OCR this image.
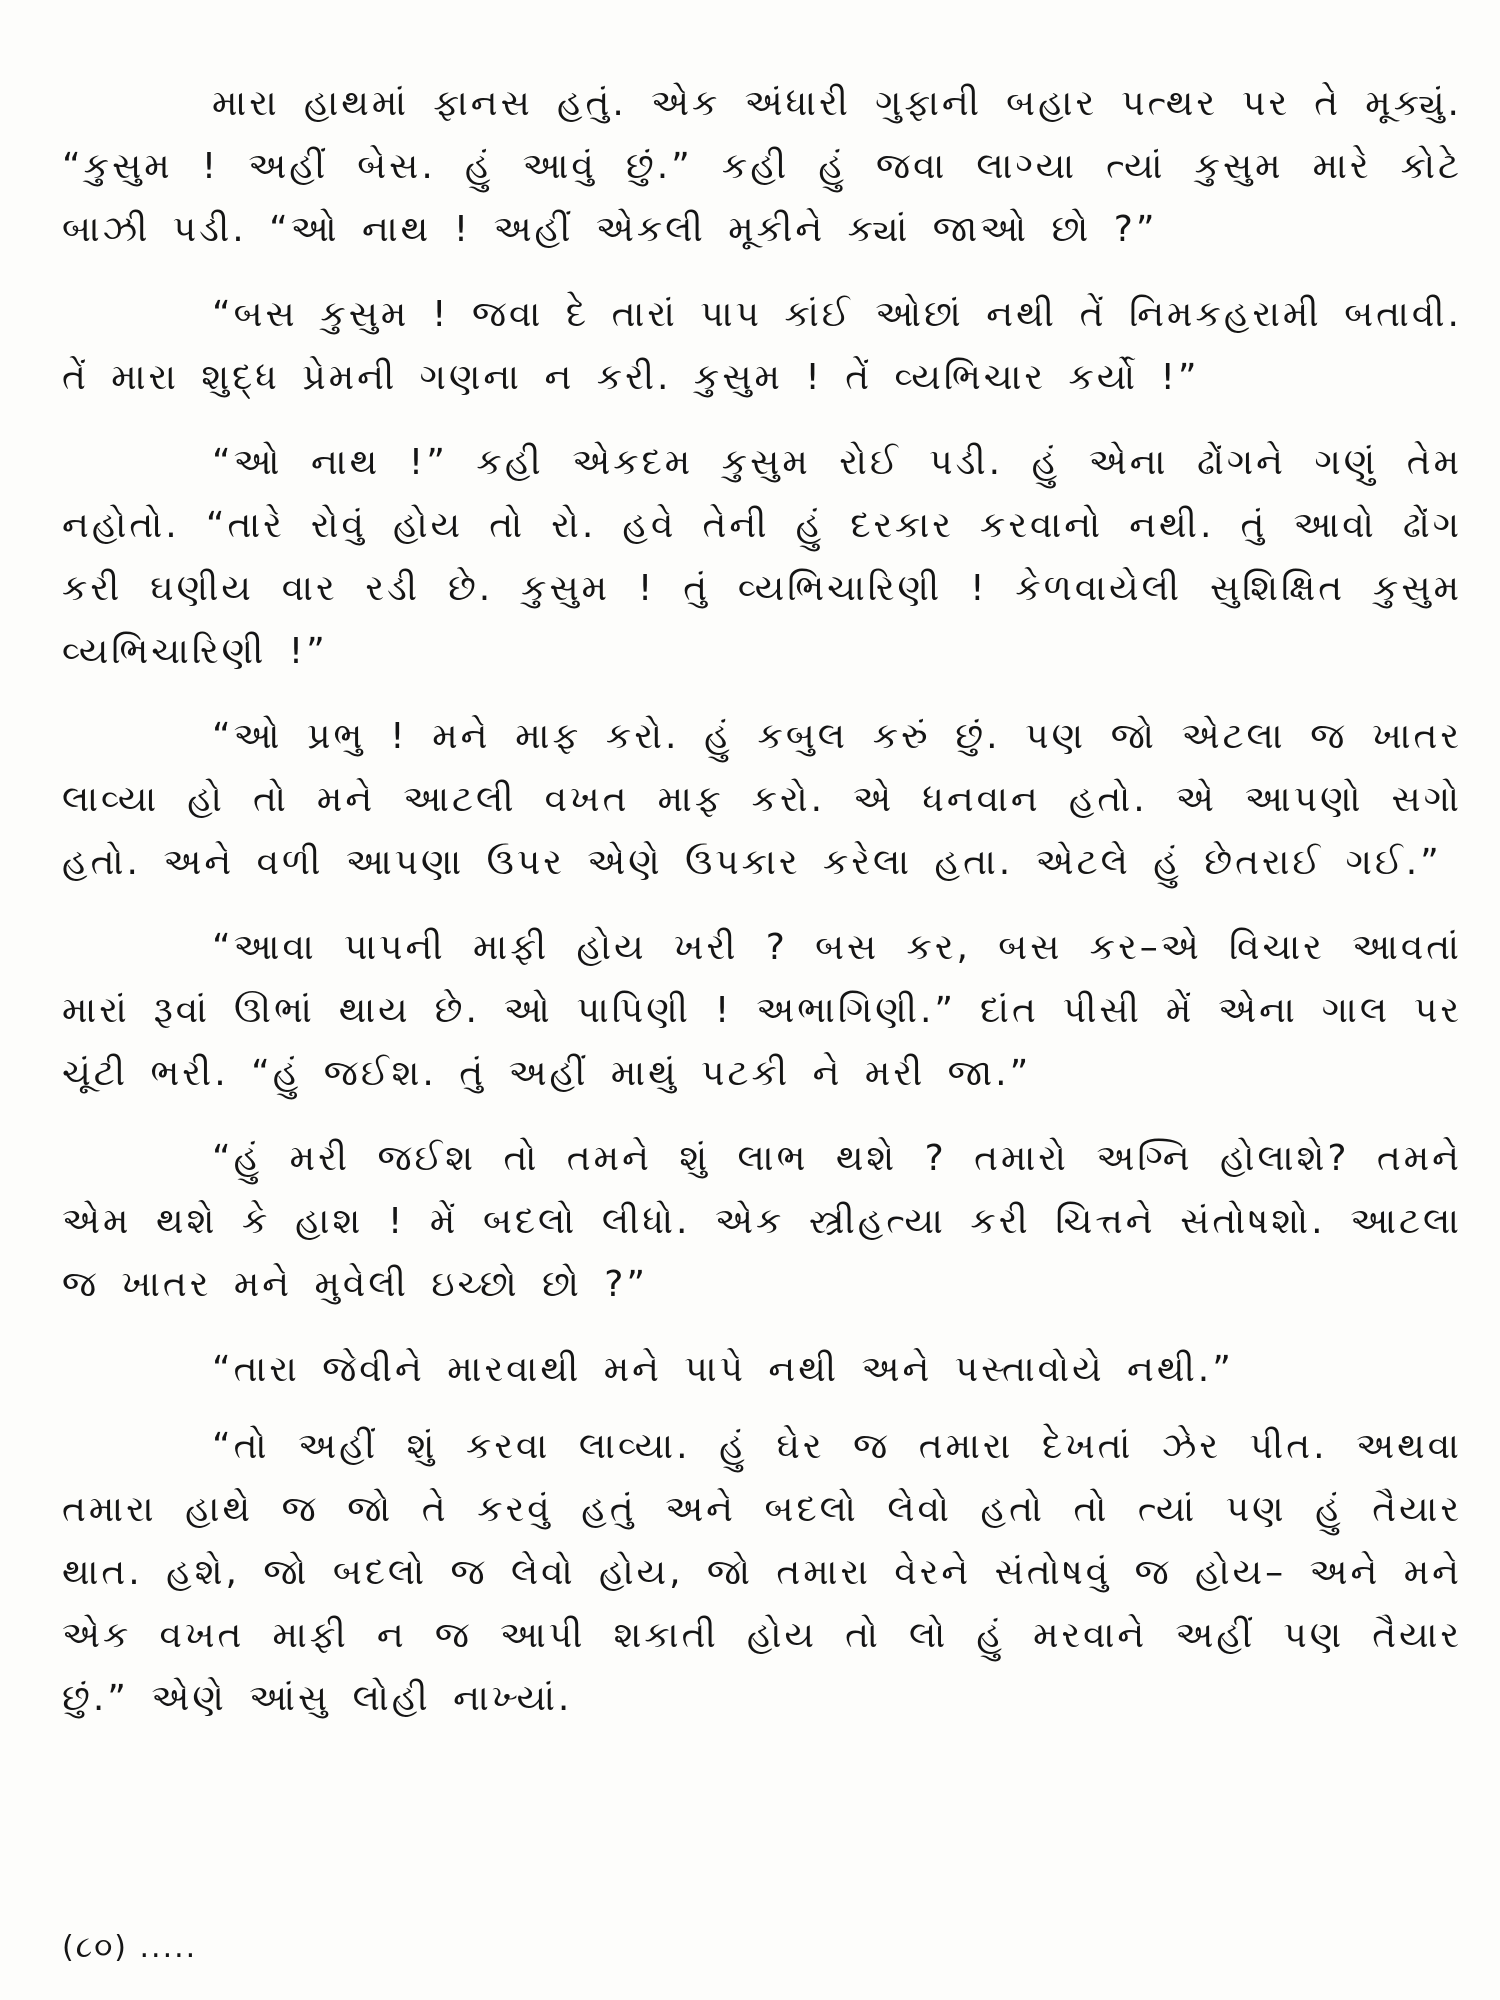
મારા હાથમાં ફાનસ હતું. એક અંધારી ગુફાની બહાર પત્થર પર તે મૂક્યું. “કુસુમ ! અહીં બેસ. હું આવું છું.” કહી હું જવા લાગ્યા ત્યાં કુસુમ મારે કોટે બાઝી પડી. “ઓ નાથ ! અહીં એકલી મૂકીને ક્યાં જાઓ છો ?”

“બસ કુસુમ ! જવા દે તારાં પાપ કાંઈ ઓછાં નથી તેં નિમકહરામી બતાવી. તેં મારા શુદ્ધ પ્રેમની ગણના ન કરી. કુસુમ ! તેં વ્યભિચાર કર્યો !”

“ઓ નાથ !” કહી એકદમ કુસુમ રોઈ પડી. હું એના ઢોંગને ગણું તેમ નહોતો. “તારે રોવું હોય તો રો. હવે તેની હું દરકાર કરવાનો નથી. તું આવો ઢોંગ કરી ઘણીય વાર રડી છે. કુસુમ ! તું વ્યભિચારિણી ! કેળવાયેલી સુશિક્ષિત કુસુમ વ્યભિચારિણી !”

“ઓ પ્રભુ ! મને માફ કરો. હું કબુલ કરું છું. પણ જો એટલા જ ખાતર લાવ્યા હો તો મને આટલી વખત માફ કરો. એ ધનવાન હતો. એ આપણો સગો હતો. અને વળી આપણા ઉપર એણે ઉપકાર કરેલા હતા. એટલે હું છેતરાઈ ગઈ.”

“આવા પાપની માફી હોય ખરી ? બસ કર, બસ કર–એ વિચાર આવતાં મારાં રૂવાં ઊભાં થાય છે. ઓ પાપિણી ! અભાગિણી.” દાંત પીસી મેં એના ગાલ પર ચૂંટી ભરી. “હું જઈશ. તું અહીં માથું પટકી ને મરી જા.”

“હું મરી જઈશ તો તમને શું લાભ થશે ? તમારો અગ્નિ હોલાશે? તમને એમ થશે કે હાશ ! મેં બદલો લીધો. એક સ્ત્રીહત્યા કરી ચિત્તને સંતોષશો. આટલા જ ખાતર મને મુવેલી ઇચ્છો છો ?”

“તારા જેવીને મારવાથી મને પાપે નથી અને પસ્તાવોયે નથી.”

“તો અહીં શું કરવા લાવ્યા. હું ઘેર જ તમારા દેખતાં ઝેર પીત. અથવા તમારા હાથે જ જો તે કરવું હતું અને બદલો લેવો હતો તો ત્યાં પણ હું તૈયાર થાત. હશે, જો બદલો જ લેવો હોય, જો તમારા વેરને સંતોષવું જ હોય– અને મને એક વખત માફી ન જ આપી શકાતી હોય તો લો હું મરવાને અહીં પણ તૈયાર છું.” એણે આંસુ લોહી નાખ્યાં.

(૮૦) .....
